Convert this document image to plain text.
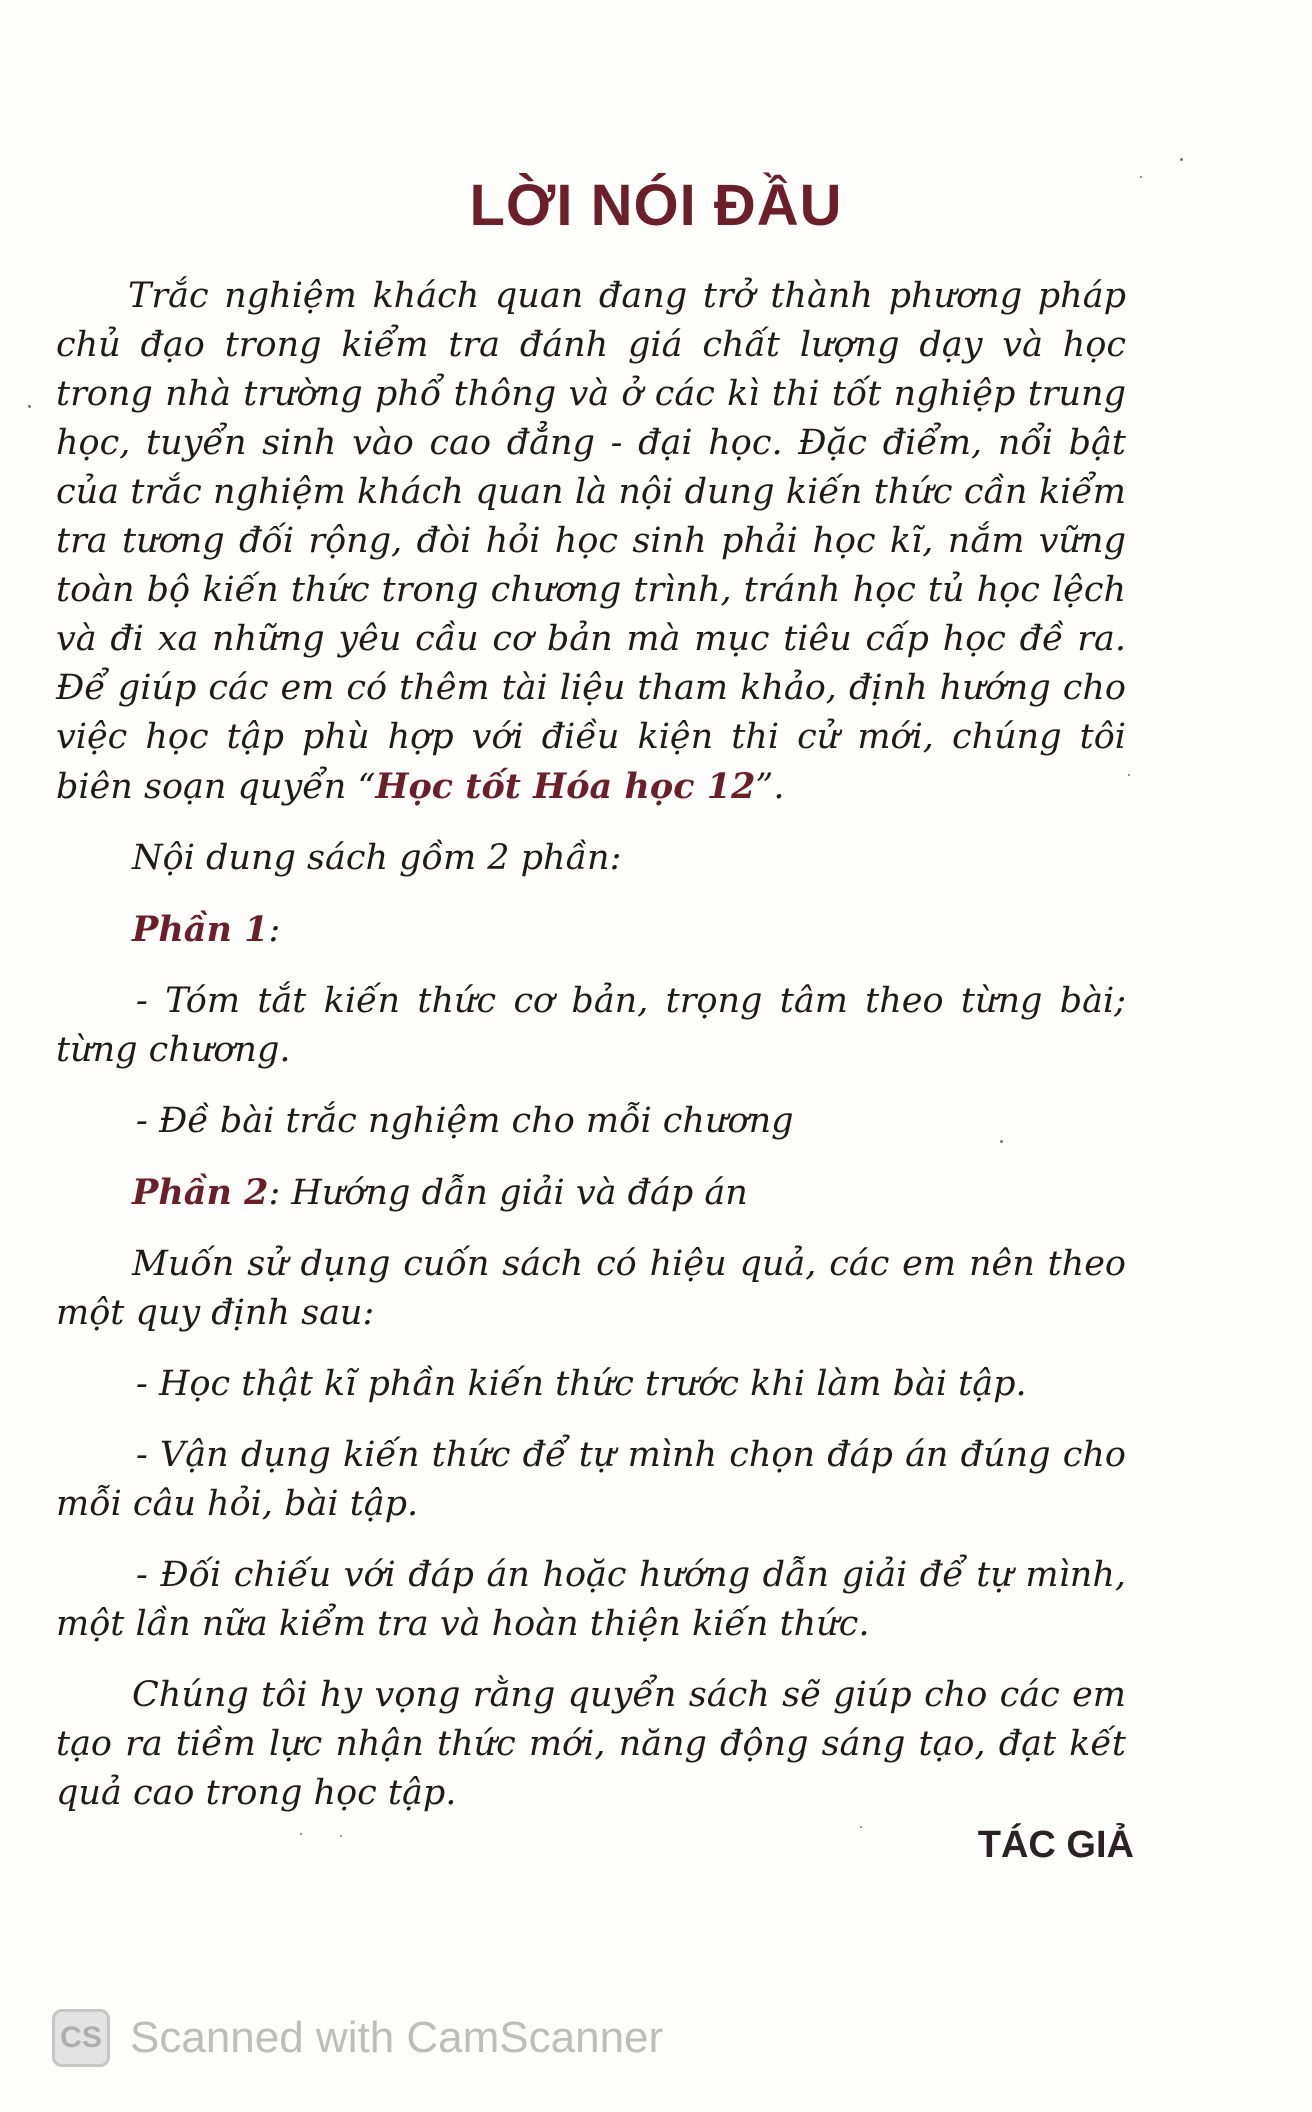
LỜI NÓI ĐẦU

Trắc nghiệm khách quan đang trở thành phương pháp chủ đạo trong kiểm tra đánh giá chất lượng dạy và học trong nhà trường phổ thông và ở các kì thi tốt nghiệp trung học, tuyển sinh vào cao đẳng - đại học. Đặc điểm, nổi bật của trắc nghiệm khách quan là nội dung kiến thức cần kiểm tra tương đối rộng, đòi hỏi học sinh phải học kĩ, nắm vững toàn bộ kiến thức trong chương trình, tránh học tủ học lệch và đi xa những yêu cầu cơ bản mà mục tiêu cấp học đề ra. Để giúp các em có thêm tài liệu tham khảo, định hướng cho việc học tập phù hợp với điều kiện thi cử mới, chúng tôi biên soạn quyển “Học tốt Hóa học 12”.

Nội dung sách gồm 2 phần:

Phần 1:

- Tóm tắt kiến thức cơ bản, trọng tâm theo từng bài; từng chương.

- Đề bài trắc nghiệm cho mỗi chương

Phần 2: Hướng dẫn giải và đáp án

Muốn sử dụng cuốn sách có hiệu quả, các em nên theo một quy định sau:

- Học thật kĩ phần kiến thức trước khi làm bài tập.

- Vận dụng kiến thức để tự mình chọn đáp án đúng cho mỗi câu hỏi, bài tập.

- Đối chiếu với đáp án hoặc hướng dẫn giải để tự mình, một lần nữa kiểm tra và hoàn thiện kiến thức.

Chúng tôi hy vọng rằng quyển sách sẽ giúp cho các em tạo ra tiềm lực nhận thức mới, năng động sáng tạo, đạt kết quả cao trong học tập.

TÁC GIẢ
CS Scanned with CamScanner
